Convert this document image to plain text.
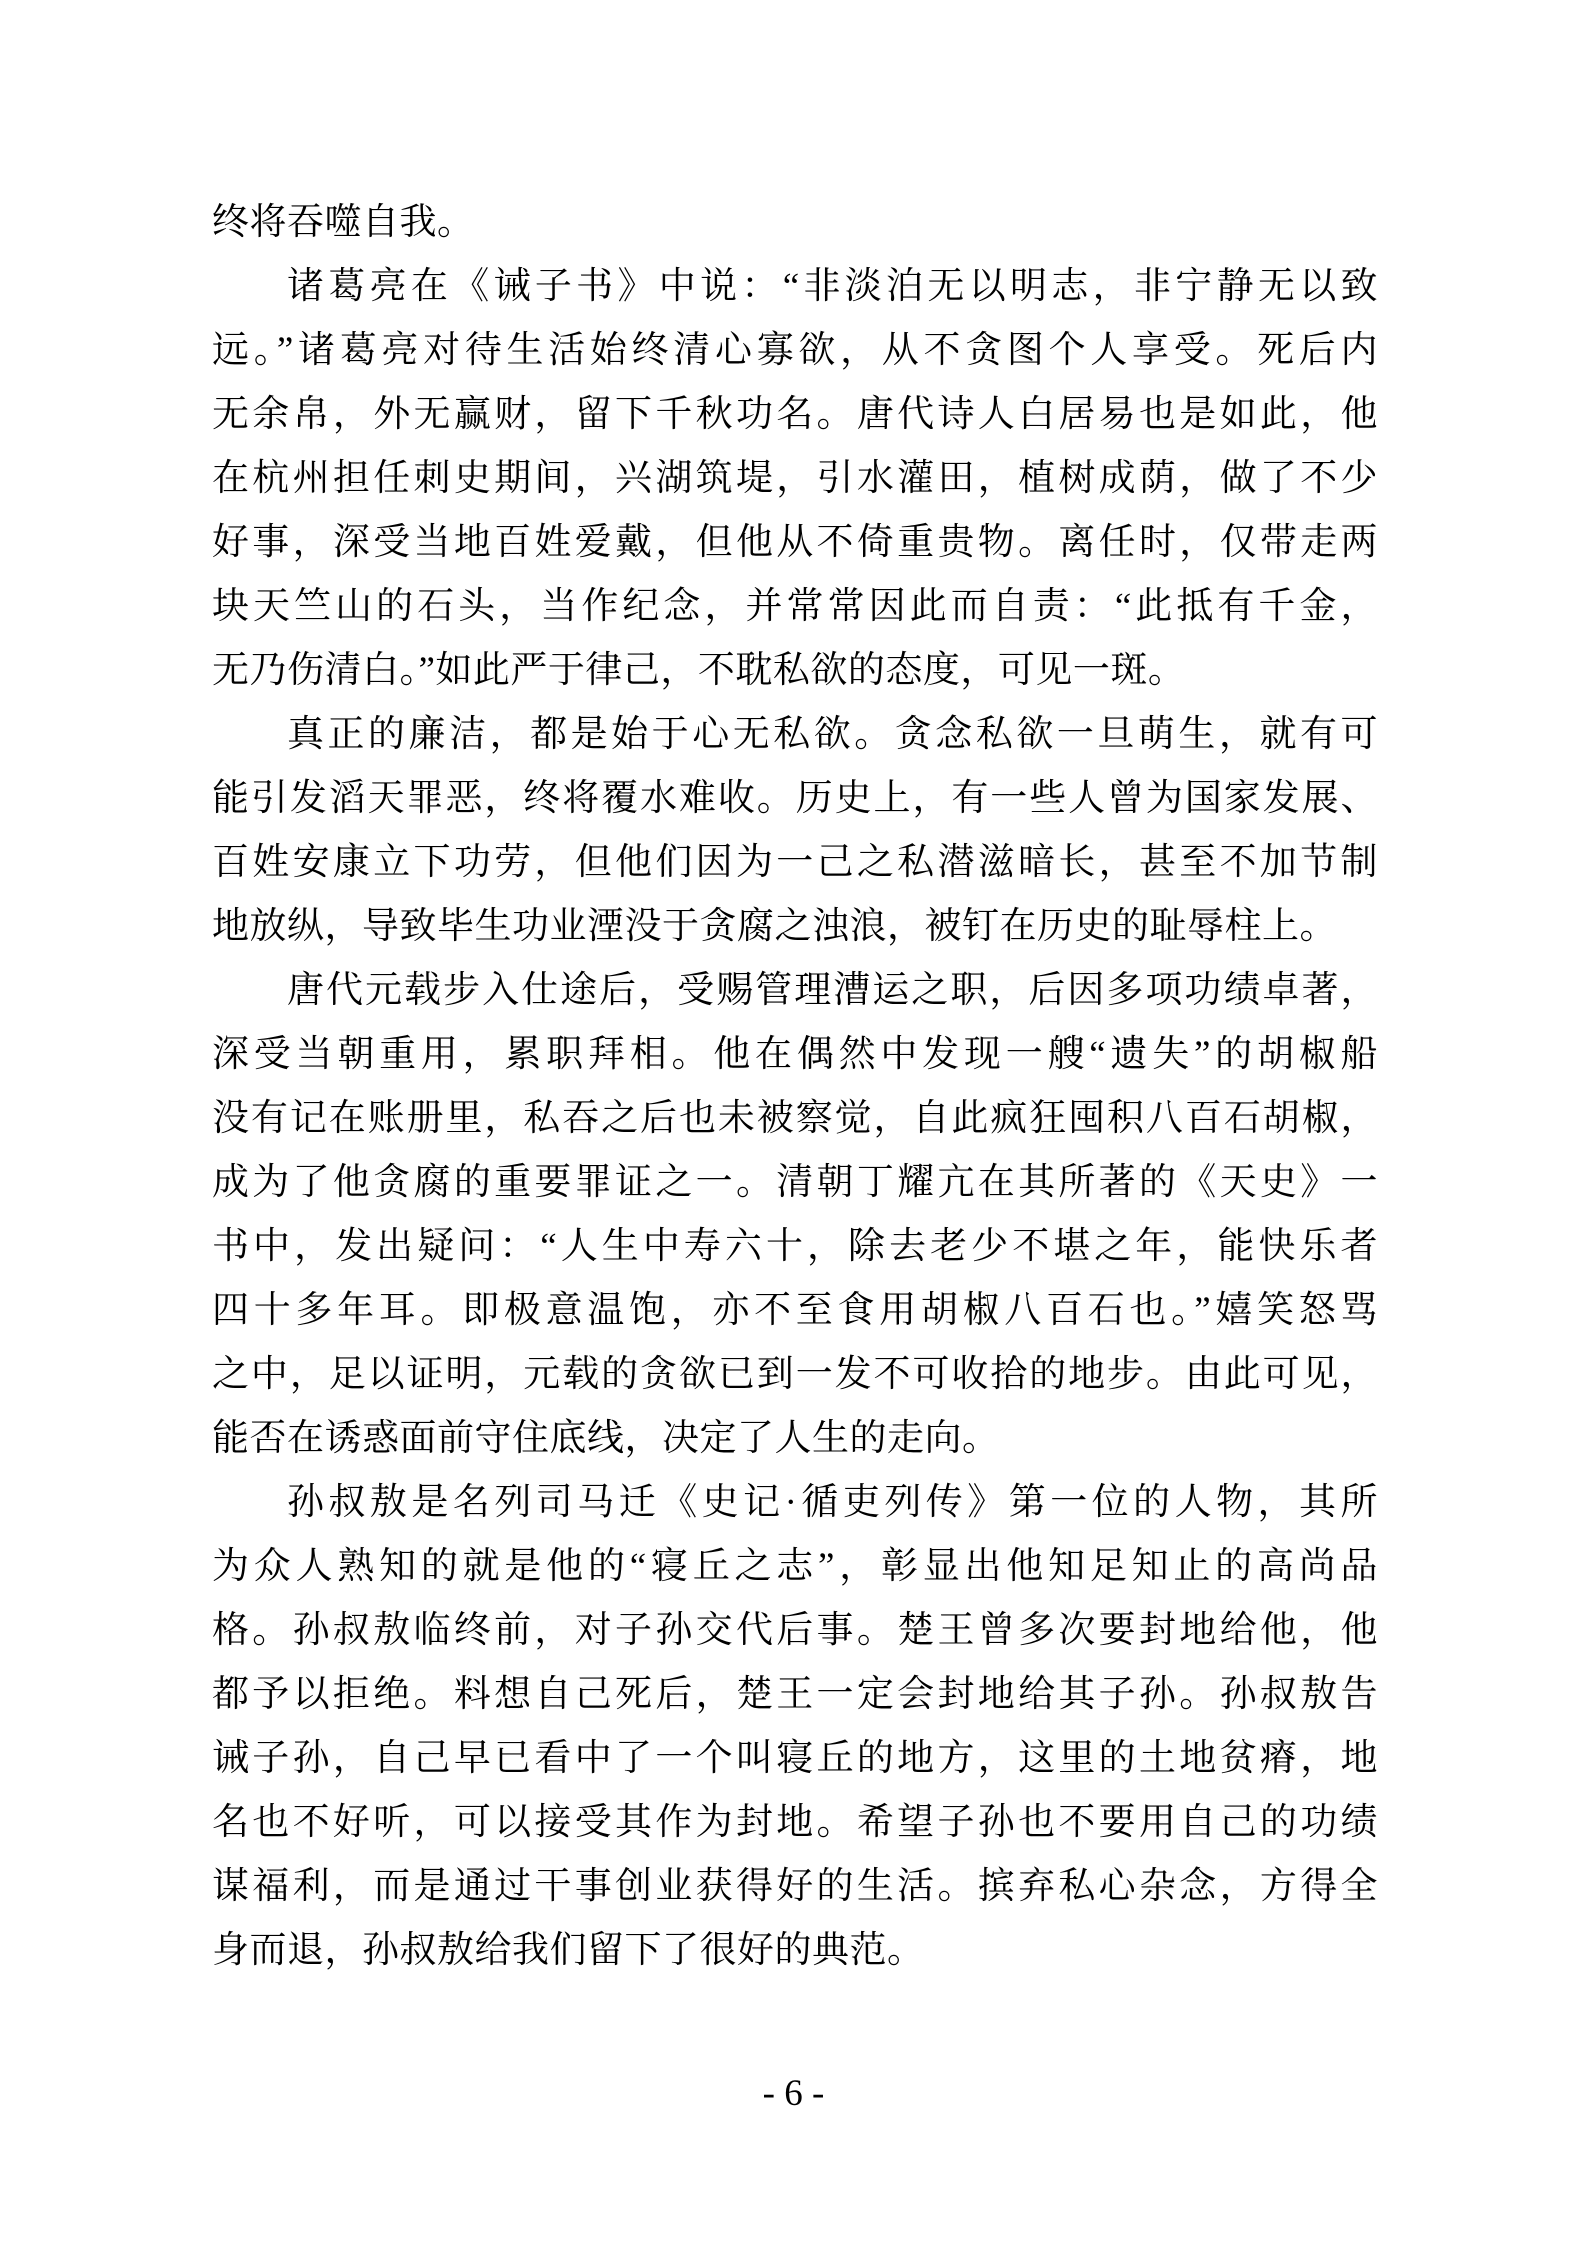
终将吞噬自我。
诸葛亮在《诫子书》中说：“非淡泊无以明志，非宁静无以致
远。”诸葛亮对待生活始终清心寡欲，从不贪图个人享受。死后内
无余帛，外无赢财，留下千秋功名。唐代诗人白居易也是如此，他
在杭州担任刺史期间，兴湖筑堤，引水灌田，植树成荫，做了不少
好事，深受当地百姓爱戴，但他从不倚重贵物。离任时，仅带走两
块天竺山的石头，当作纪念，并常常因此而自责：“此抵有千金，
无乃伤清白。”如此严于律己，不耽私欲的态度，可见一斑。
真正的廉洁，都是始于心无私欲。贪念私欲一旦萌生，就有可
能引发滔天罪恶，终将覆水难收。历史上，有一些人曾为国家发展、
百姓安康立下功劳，但他们因为一己之私潜滋暗长，甚至不加节制
地放纵，导致毕生功业湮没于贪腐之浊浪，被钉在历史的耻辱柱上。
唐代元载步入仕途后，受赐管理漕运之职，后因多项功绩卓著，
深受当朝重用，累职拜相。他在偶然中发现一艘“遗失”的胡椒船
没有记在账册里，私吞之后也未被察觉，自此疯狂囤积八百石胡椒，
成为了他贪腐的重要罪证之一。清朝丁耀亢在其所著的《天史》一
书中，发出疑问：“人生中寿六十，除去老少不堪之年，能快乐者
四十多年耳。即极意温饱，亦不至食用胡椒八百石也。”嬉笑怒骂
之中，足以证明，元载的贪欲已到一发不可收拾的地步。由此可见，
能否在诱惑面前守住底线，决定了人生的走向。
孙叔敖是名列司马迁《史记·循吏列传》第一位的人物，其所
为众人熟知的就是他的“寝丘之志”，彰显出他知足知止的高尚品
格。孙叔敖临终前，对子孙交代后事。楚王曾多次要封地给他，他
都予以拒绝。料想自己死后，楚王一定会封地给其子孙。孙叔敖告
诫子孙，自己早已看中了一个叫寝丘的地方，这里的土地贫瘠，地
名也不好听，可以接受其作为封地。希望子孙也不要用自己的功绩
谋福利，而是通过干事创业获得好的生活。摈弃私心杂念，方得全
身而退，孙叔敖给我们留下了很好的典范。
- 6 -
